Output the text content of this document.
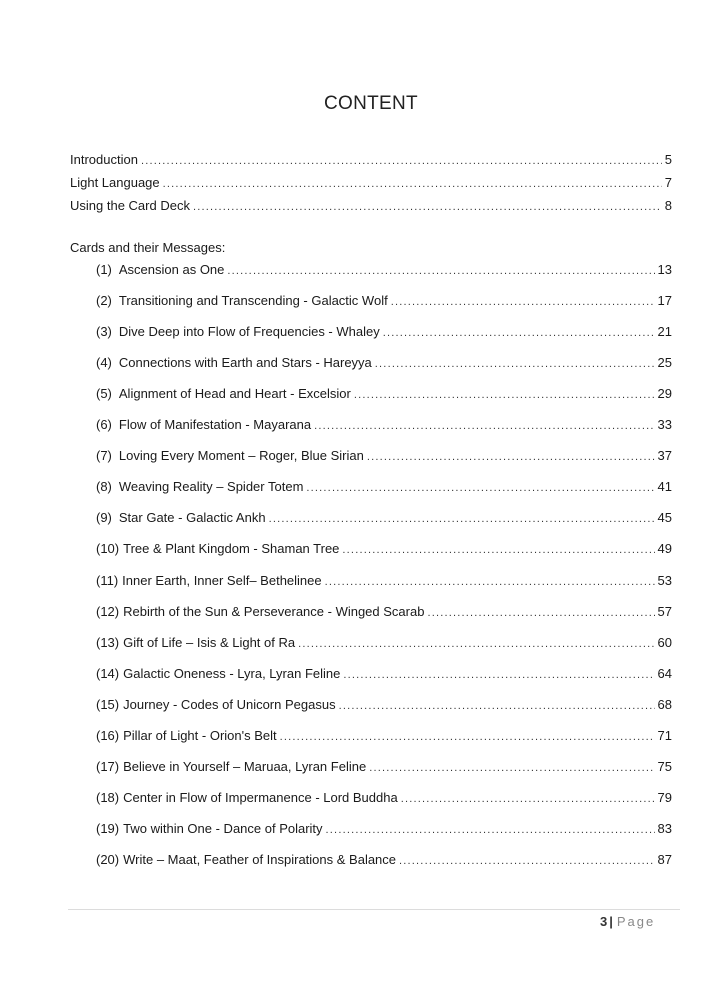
CONTENT
Introduction .....	5
Light Language .....	7
Using the Card Deck .....	8
Cards and their Messages:
(1) Ascension as One .....	13
(2) Transitioning and Transcending - Galactic Wolf .....	17
(3) Dive Deep into Flow of Frequencies - Whaley .....	21
(4) Connections with Earth and Stars - Hareyya .....	25
(5) Alignment of Head and Heart - Excelsior .....	29
(6) Flow of Manifestation - Mayarana .....	33
(7) Loving Every Moment – Roger, Blue Sirian .....	37
(8) Weaving Reality – Spider Totem .....	41
(9) Star Gate - Galactic Ankh .....	45
(10) Tree & Plant Kingdom - Shaman Tree .....	49
(11) Inner Earth, Inner Self– Bethelinee .....	53
(12) Rebirth of the Sun & Perseverance - Winged Scarab .....	57
(13) Gift of Life – Isis & Light of Ra .....	60
(14) Galactic Oneness - Lyra, Lyran Feline .....	64
(15) Journey - Codes of Unicorn Pegasus .....	68
(16) Pillar of Light - Orion's Belt .....	71
(17) Believe in Yourself – Maruaa, Lyran Feline .....	75
(18) Center in Flow of Impermanence - Lord Buddha .....	79
(19) Two within One - Dance of Polarity .....	83
(20) Write – Maat, Feather of Inspirations & Balance .....	87
3 | Page
